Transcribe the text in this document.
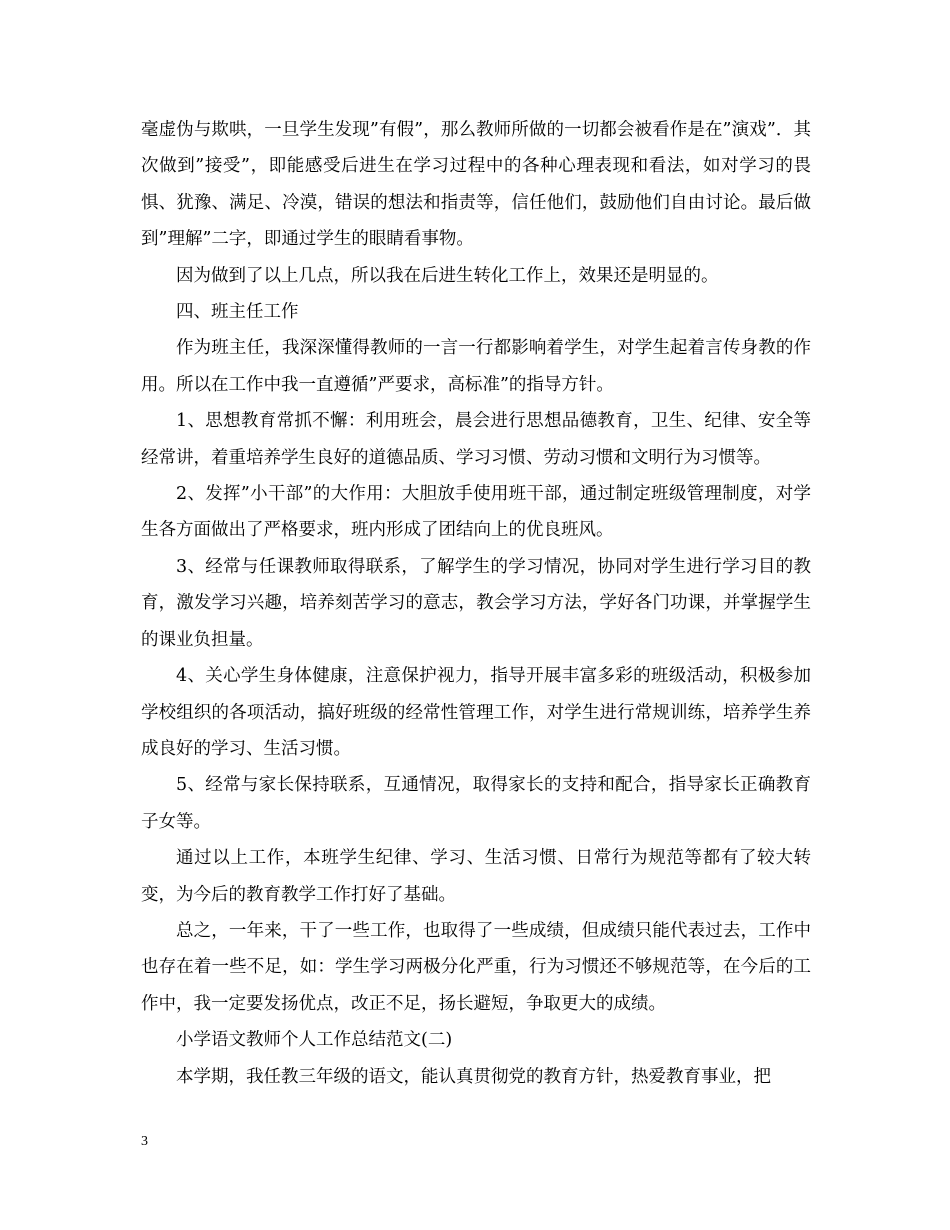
毫虚伪与欺哄，一旦学生发现”有假”，那么教师所做的一切都会被看作是在”演戏”．其次做到”接受”，即能感受后进生在学习过程中的各种心理表现和看法，如对学习的畏惧、犹豫、满足、冷漠，错误的想法和指责等，信任他们，鼓励他们自由讨论。最后做到”理解”二字，即通过学生的眼睛看事物。

因为做到了以上几点，所以我在后进生转化工作上，效果还是明显的。

四、班主任工作

作为班主任，我深深懂得教师的一言一行都影响着学生，对学生起着言传身教的作用。所以在工作中我一直遵循”严要求，高标准”的指导方针。

1、思想教育常抓不懈：利用班会，晨会进行思想品德教育，卫生、纪律、安全等经常讲，着重培养学生良好的道德品质、学习习惯、劳动习惯和文明行为习惯等。

2、发挥”小干部”的大作用：大胆放手使用班干部，通过制定班级管理制度，对学生各方面做出了严格要求，班内形成了团结向上的优良班风。

3、经常与任课教师取得联系，了解学生的学习情况，协同对学生进行学习目的教育，激发学习兴趣，培养刻苦学习的意志，教会学习方法，学好各门功课，并掌握学生的课业负担量。

4、关心学生身体健康，注意保护视力，指导开展丰富多彩的班级活动，积极参加学校组织的各项活动，搞好班级的经常性管理工作，对学生进行常规训练，培养学生养成良好的学习、生活习惯。

5、经常与家长保持联系，互通情况，取得家长的支持和配合，指导家长正确教育子女等。

通过以上工作，本班学生纪律、学习、生活习惯、日常行为规范等都有了较大转变，为今后的教育教学工作打好了基础。

总之，一年来，干了一些工作，也取得了一些成绩，但成绩只能代表过去，工作中也存在着一些不足，如：学生学习两极分化严重，行为习惯还不够规范等，在今后的工作中，我一定要发扬优点，改正不足，扬长避短，争取更大的成绩。

小学语文教师个人工作总结范文(二)

本学期，我任教三年级的语文，能认真贯彻党的教育方针，热爱教育事业，把

3
